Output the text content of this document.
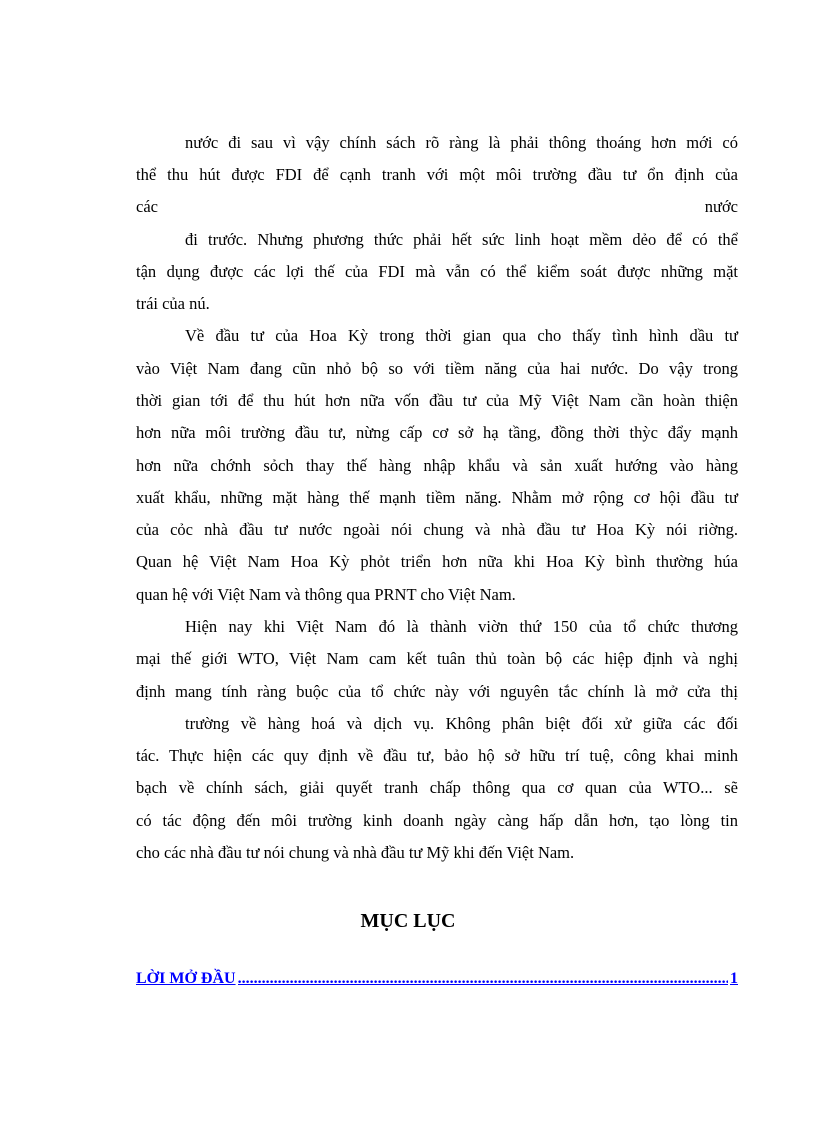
nước đi sau vì vậy chính sách rõ ràng là phải thông thoáng hơn mới có
thể thu hút được FDI để cạnh tranh với một môi trường đầu tư ổn định của
các	nước
đi trước. Nhưng phương thức phải hết sức linh hoạt mềm dẻo để có thể
tận dụng được các lợi thế của FDI mà vẫn có thể kiểm soát được những mặt
trái của nú.
Về đầu tư của Hoa Kỳ trong thời gian qua cho thấy tình hình dầu tư
vào Việt Nam đang cũn nhỏ bộ so với tiềm năng của hai nước. Do vậy trong
thời gian tới để thu hút hơn nữa vốn đầu tư của Mỹ Việt Nam cần hoàn thiện
hơn nữa môi trường đầu tư, nừng cấp cơ sở hạ tầng, đồng thời thỳc đẩy mạnh
hơn nữa chớnh sỏch thay thế hàng nhập khẩu và sản xuất hướng vào hàng
xuất khẩu, những mặt hàng thế mạnh tiềm năng. Nhằm mở rộng cơ hội đầu tư
của cỏc nhà đầu tư nước ngoài nói chung và nhà đầu tư Hoa Kỳ nói riờng.
Quan hệ Việt Nam Hoa Kỳ phỏt triển hơn nữa khi Hoa Kỳ bình thường húa
quan hệ với Việt Nam và thông qua PRNT cho Việt Nam.
Hiện nay khi Việt Nam đó là thành viờn thứ 150 của tổ chức thương
mại thế giới WTO, Việt Nam cam kết tuân thủ toàn bộ các hiệp định và nghị
định mang tính ràng buộc của tổ chức này với nguyên tắc chính là mở cửa thị
trường về hàng hoá và dịch vụ. Không phân biệt đối xử giữa các đối
tác. Thực hiện các quy định về đầu tư, bảo hộ sở hữu trí tuệ, công khai minh
bạch về chính sách, giải quyết tranh chấp thông qua cơ quan của WTO... sẽ
có tác động đến môi trường kinh doanh ngày càng hấp dẫn hơn, tạo lòng tin
cho các nhà đầu tư nói chung và nhà đầu tư Mỹ khi đến Việt Nam.
MỤC LỤC
LỜI MỞ ĐẦU
.....	1
